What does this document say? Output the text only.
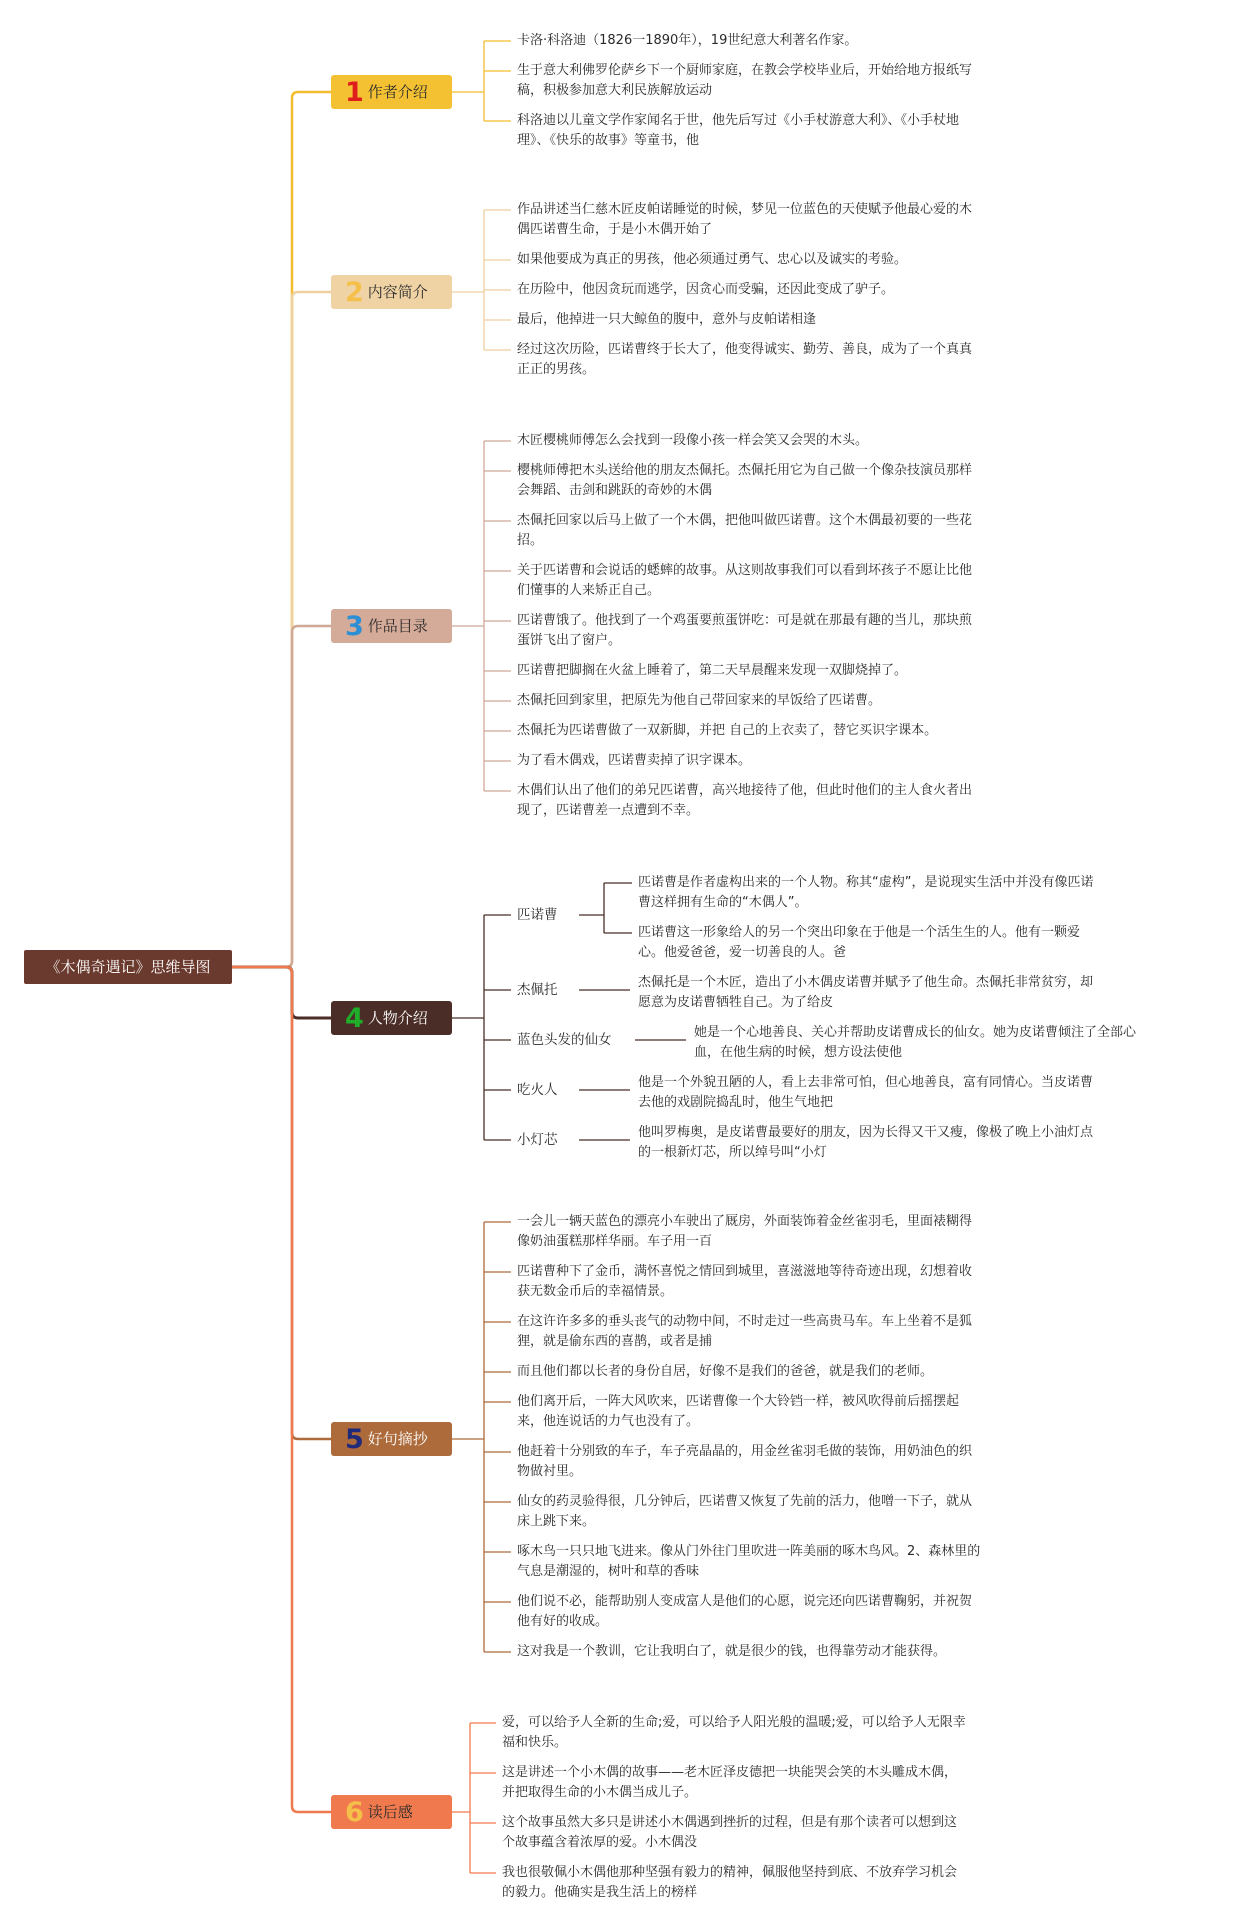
《木偶奇遇记》思维导图
1 作者介绍
2 内容简介
3 作品目录
4 人物介绍
5 好句摘抄
6 读后感
卡洛·科洛迪（1826一1890年），19世纪意大利著名作家。
生于意大利佛罗伦萨乡下一个厨师家庭，在教会学校毕业后，开始给地方报纸写
稿，积极参加意大利民族解放运动
科洛迪以儿童文学作家闻名于世，他先后写过《小手杖游意大利》、《小手杖地
理》、《快乐的故事》等童书，他
作品讲述当仁慈木匠皮帕诺睡觉的时候，梦见一位蓝色的天使赋予他最心爱的木
偶匹诺曹生命，于是小木偶开始了
如果他要成为真正的男孩，他必须通过勇气、忠心以及诚实的考验。
在历险中，他因贪玩而逃学，因贪心而受骗，还因此变成了驴子。
最后，他掉进一只大鲸鱼的腹中，意外与皮帕诺相逢
经过这次历险，匹诺曹终于长大了，他变得诚实、勤劳、善良，成为了一个真真
正正的男孩。
木匠樱桃师傅怎么会找到一段像小孩一样会笑又会哭的木头。
樱桃师傅把木头送给他的朋友杰佩托。杰佩托用它为自己做一个像杂技演员那样
会舞蹈、击剑和跳跃的奇妙的木偶
杰佩托回家以后马上做了一个木偶，把他叫做匹诺曹。这个木偶最初要的一些花
招。
关于匹诺曹和会说话的蟋蟀的故事。从这则故事我们可以看到坏孩子不愿让比他
们懂事的人来矫正自己。
匹诺曹饿了。他找到了一个鸡蛋要煎蛋饼吃：可是就在那最有趣的当儿，那块煎
蛋饼飞出了窗户。
匹诺曹把脚搁在火盆上睡着了，第二天早晨醒来发现一双脚烧掉了。
杰佩托回到家里，把原先为他自己带回家来的早饭给了匹诺曹。
杰佩托为匹诺曹做了一双新脚，并把 自己的上衣卖了，替它买识字课本。
为了看木偶戏，匹诺曹卖掉了识字课本。
木偶们认出了他们的弟兄匹诺曹，高兴地接待了他，但此时他们的主人食火者出
现了，匹诺曹差一点遭到不幸。
匹诺曹
匹诺曹是作者虚构出来的一个人物。称其“虚构”，是说现实生活中并没有像匹诺
曹这样拥有生命的“木偶人”。
匹诺曹这一形象给人的另一个突出印象在于他是一个活生生的人。他有一颗爱
心。他爱爸爸，爱一切善良的人。爸
杰佩托	杰佩托是一个木匠，造出了小木偶皮诺曹并赋予了他生命。杰佩托非常贫穷，却
愿意为皮诺曹牺牲自己。为了给皮
蓝色头发的仙女	她是一个心地善良、关心并帮助皮诺曹成长的仙女。她为皮诺曹倾注了全部心
血，在他生病的时候，想方设法使他
吃火人	他是一个外貌丑陋的人，看上去非常可怕，但心地善良，富有同情心。当皮诺曹
去他的戏剧院捣乱时，他生气地把
小灯芯	他叫罗梅奥，是皮诺曹最要好的朋友，因为长得又干又瘦，像极了晚上小油灯点
的一根新灯芯，所以绰号叫“小灯
一会儿一辆天蓝色的漂亮小车驶出了厩房，外面装饰着金丝雀羽毛，里面裱糊得
像奶油蛋糕那样华丽。车子用一百
匹诺曹种下了金币，满怀喜悦之情回到城里，喜滋滋地等待奇迹出现，幻想着收
获无数金币后的幸福情景。
在这许许多多的垂头丧气的动物中间，不时走过一些高贵马车。车上坐着不是狐
狸，就是偷东西的喜鹊，或者是捕
而且他们都以长者的身份自居，好像不是我们的爸爸，就是我们的老师。
他们离开后，一阵大风吹来，匹诺曹像一个大铃铛一样，被风吹得前后摇摆起
来，他连说话的力气也没有了。
他赶着十分别致的车子，车子亮晶晶的，用金丝雀羽毛做的装饰，用奶油色的织
物做衬里。
仙女的药灵验得很，几分钟后，匹诺曹又恢复了先前的活力，他噌一下子，就从
床上跳下来。
啄木鸟一只只地飞进来。像从门外往门里吹进一阵美丽的啄木鸟风。2、森林里的
气息是潮湿的，树叶和草的香味
他们说不必，能帮助别人变成富人是他们的心愿，说完还向匹诺曹鞠躬，并祝贺
他有好的收成。
这对我是一个教训，它让我明白了，就是很少的钱，也得靠劳动才能获得。
爱，可以给予人全新的生命;爱，可以给予人阳光般的温暖;爱，可以给予人无限幸
福和快乐。
这是讲述一个小木偶的故事——老木匠泽皮德把一块能哭会笑的木头雕成木偶，
并把取得生命的小木偶当成儿子。
这个故事虽然大多只是讲述小木偶遇到挫折的过程，但是有那个读者可以想到这
个故事蕴含着浓厚的爱。小木偶没
我也很敬佩小木偶他那种坚强有毅力的精神，佩服他坚持到底、不放弃学习机会
的毅力。他确实是我生活上的榜样
